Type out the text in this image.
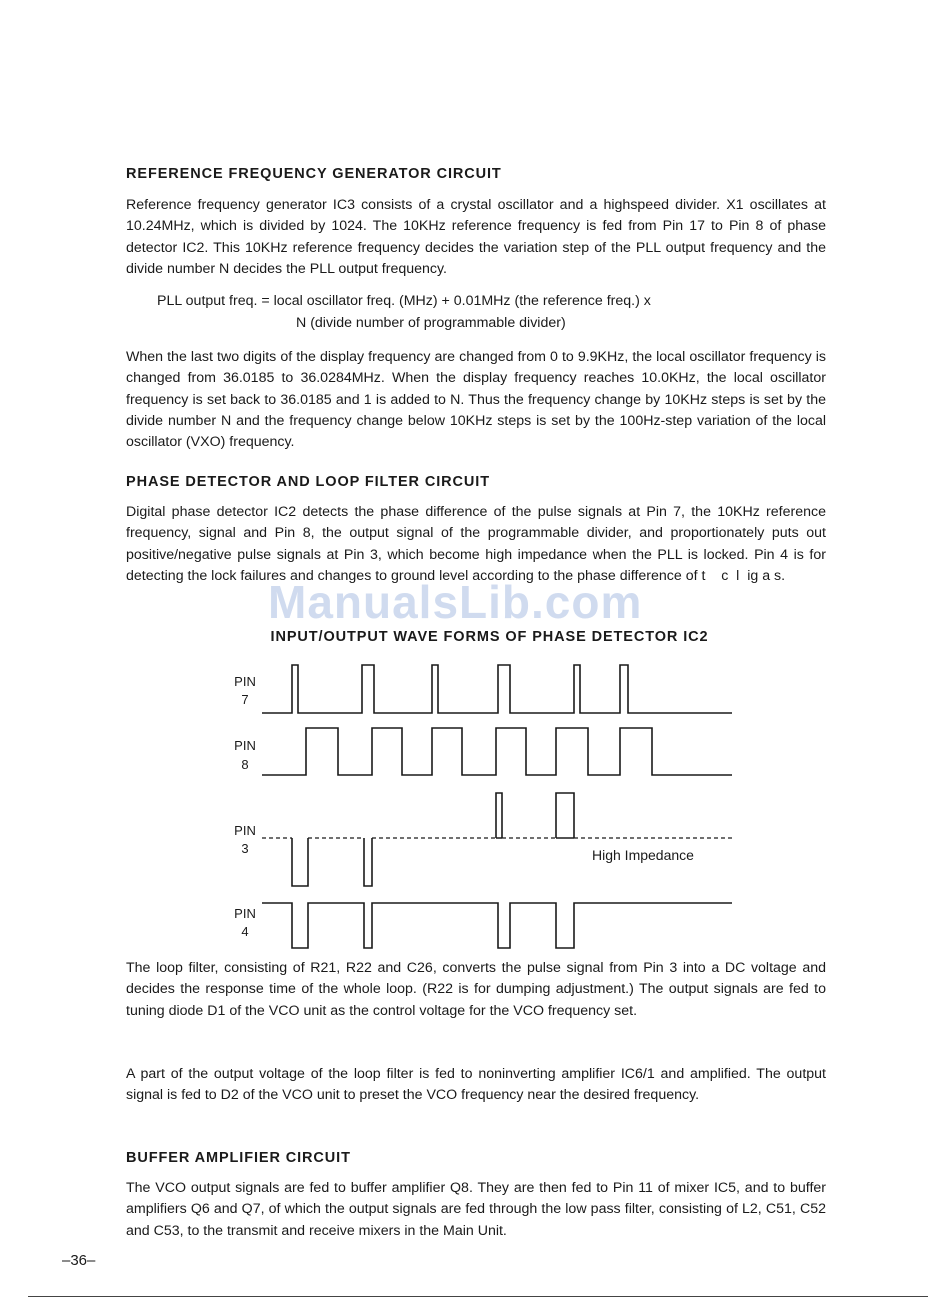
REFERENCE FREQUENCY GENERATOR CIRCUIT

Reference frequency generator IC3 consists of a crystal oscillator and a highspeed divider. X1 oscillates at 10.24MHz, which is divided by 1024. The 10KHz reference frequency is fed from Pin 17 to Pin 8 of phase detector IC2. This 10KHz reference frequency decides the variation step of the PLL output frequency and the divide number N decides the PLL output frequency.

PLL output freq. = local oscillator freq. (MHz) + 0.01MHz (the reference freq.) x

N (divide number of programmable divider)

When the last two digits of the display frequency are changed from 0 to 9.9KHz, the local oscillator frequency is changed from 36.0185 to 36.0284MHz. When the display frequency reaches 10.0KHz, the local oscillator frequency is set back to 36.0185 and 1 is added to N. Thus the frequency change by 10KHz steps is set by the divide number N and the frequency change below 10KHz steps is set by the 100Hz-step variation of the local oscillator (VXO) frequency.

PHASE DETECTOR AND LOOP FILTER CIRCUIT

Digital phase detector IC2 detects the phase difference of the pulse signals at Pin 7, the 10KHz reference frequency, signal and Pin 8, the output signal of the programmable divider, and proportionately puts out positive/negative pulse signals at Pin 3, which become high impedance when the PLL is locked. Pin 4 is for detecting the lock failures and changes to ground level according to the phase difference of t    c  l  ig a s.

ManualsLib.com

INPUT/OUTPUT WAVE FORMS OF PHASE DETECTOR IC2

PIN
7
PIN
8
PIN
3
PIN
4
High Impedance

The loop filter, consisting of R21, R22 and C26, converts the pulse signal from Pin 3 into a DC voltage and decides the response time of the whole loop. (R22 is for dumping adjustment.) The output signals are fed to tuning diode D1 of the VCO unit as the control voltage for the VCO frequency set.

A part of the output voltage of the loop filter is fed to noninverting amplifier IC6/1 and amplified. The output signal is fed to D2 of the VCO unit to preset the VCO frequency near the desired frequency.

BUFFER AMPLIFIER CIRCUIT

The VCO output signals are fed to buffer amplifier Q8. They are then fed to Pin 11 of mixer IC5, and to buffer amplifiers Q6 and Q7, of which the output signals are fed through the low pass filter, consisting of L2, C51, C52 and C53, to the transmit and receive mixers in the Main Unit.

–36–
